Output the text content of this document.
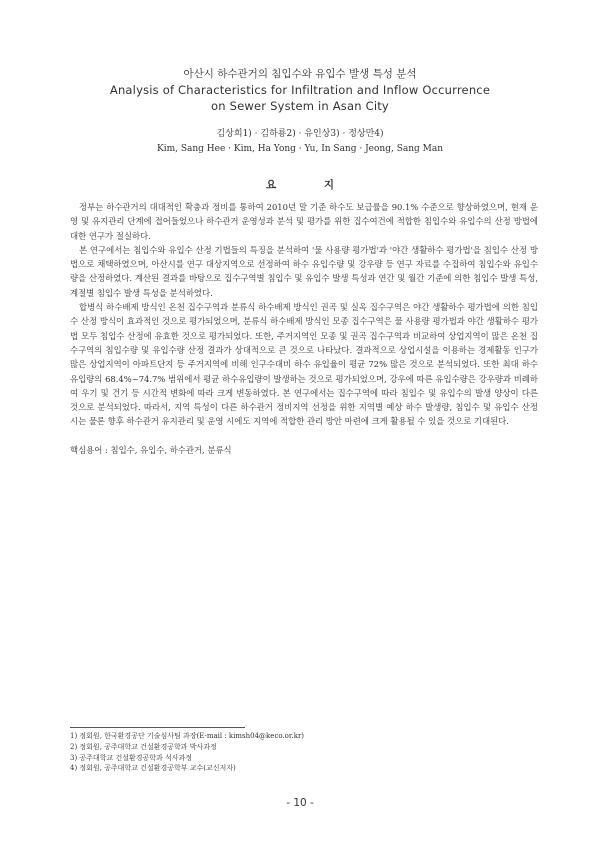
아산시 하수관거의 침입수와 유입수 발생 특성 분석
Analysis of Characteristics for Infiltration and Inflow Occurrence
on Sewer System in Asan City
김상희1) · 김하룡2) · 유인상3) · 정상만4)
Kim, Sang Hee · Kim, Ha Yong · Yu, In Sang · Jeong, Sang Man
요 지

정부는 하수관거의 대대적인 확충과 정비를 통하여 2010년 말 기준 하수도 보급률을 90.1% 수준으로 향상하였으며, 현재 운영 및 유지관리 단계에 접어들었으나 하수관거 운영성과 분석 및 평가를 위한 집수여건에 적합한 침입수와 유입수의 산정 방법에 대한 연구가 절실하다.

본 연구에서는 침입수와 유입수 산정 기법들의 특징을 분석하여 '물 사용량 평가법'과 '야간 생활하수 평가법'을 침입수 산정 방법으로 채택하였으며, 아산시를 연구 대상지역으로 선정하여 하수 유입수량 및 강우량 등 연구 자료를 수집하여 침입수와 유입수량을 산정하였다. 계산된 결과를 바탕으로 집수구역별 침입수 및 유입수 발생 특성과 연간 및 월간 기준에 의한 침입수 발생 특성, 계절별 침입수 발생 특성을 분석하였다.

합병식 하수배제 방식인 온천 집수구역과 분류식 하수배제 방식인 권곡 및 실옥 집수구역은 야간 생활하수 평가법에 의한 침입수 산정 방식이 효과적인 것으로 평가되었으며, 분류식 하수배제 방식인 모종 집수구역은 물 사용량 평가법과 야간 생활하수 평가법 모두 침입수 산정에 유효한 것으로 평가되었다. 또한, 주거지역인 모종 및 권곡 집수구역과 비교하여 상업지역이 많은 온천 집수구역의 침입수량 및 유입수량 산정 결과가 상대적으로 큰 것으로 나타났다. 결과적으로 상업시설을 이용하는 경제활동 인구가 많은 상업지역이 아파트단지 등 주거지역에 비해 인구수대비 하수 유입율이 평균 72% 많은 것으로 분석되었다. 또한 최대 하수유입량의 68.4%~74.7% 범위에서 평균 하수유입량이 발생하는 것으로 평가되었으며, 강우에 따른 유입수량은 강우량과 비례하여 우기 및 건기 등 시간적 변화에 따라 크게 변동하였다. 본 연구에서는 집수구역에 따라 침입수 및 유입수의 발생 양상이 다른 것으로 분석되었다. 따라서, 지역 특성이 다른 하수관거 정비지역 선정을 위한 지역별 예상 하수 발생량, 침입수 및 유입수 산정 시는 물론 향후 하수관거 유지관리 및 운영 시에도 지역에 적합한 관리 방안 마련에 크게 활용될 수 있을 것으로 기대된다.

핵심용어 : 침입수, 유입수, 하수관거, 분류식
1) 정회원, 한국환경공단 기술심사팀 과장(E-mail : kimsh04@keco.or.kr)
2) 정회원, 공주대학교 건설환경공학과 박사과정
3) 공주대학교 건설환경공학과 석사과정
4) 정회원, 공주대학교 건설환경공학부 교수(교신저자)
- 10 -
